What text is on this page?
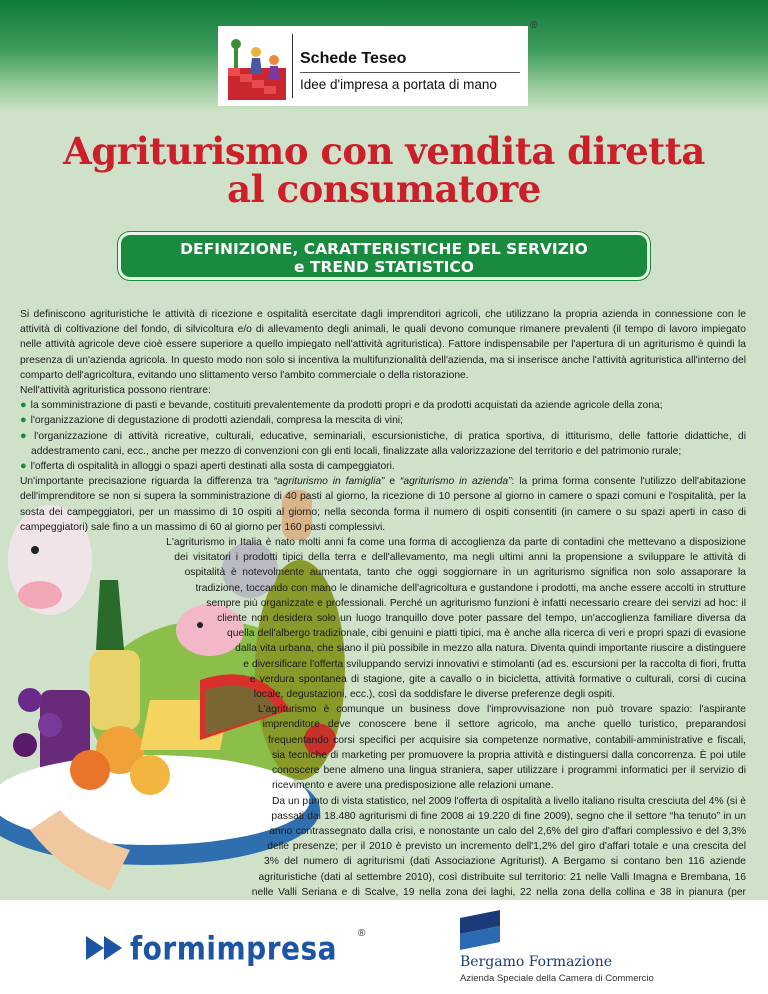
Schede Teseo
Idee d'impresa a portata di mano
®
Agriturismo con vendita diretta
al consumatore
DEFINIZIONE, CARATTERISTICHE DEL SERVIZIO
e TREND STATISTICO

Si definiscono agrituristiche le attività di ricezione e ospitalità esercitate dagli imprenditori agricoli, che utilizzano la propria azienda in connessione con le attività di coltivazione del fondo, di silvicoltura e/o di allevamento degli animali, le quali devono comunque rimanere prevalenti (il tempo di lavoro impiegato nelle attività agricole deve cioè essere superiore a quello impiegato nell'attività agrituristica). Fattore indispensabile per l'apertura di un agriturismo è quindi la presenza di un'azienda agricola. In questo modo non solo si incentiva la multifunzionalità dell'azienda, ma si inserisce anche l'attività agrituristica all'interno del comparto dell'agricoltura, evitando uno slittamento verso l'ambito commerciale o della ristorazione.

Nell'attività agrituristica possono rientrare:

● la somministrazione di pasti e bevande, costituiti prevalentemente da prodotti propri e da prodotti acquistati da aziende agricole della zona;
● l'organizzazione di degustazione di prodotti aziendali, compresa la mescita di vini;
● l'organizzazione di attività ricreative, culturali, educative, seminariali, escursionistiche, di pratica sportiva, di ittiturismo, delle fattorie didattiche, di addestramento cani, ecc., anche per mezzo di convenzioni con gli enti locali, finalizzate alla valorizzazione del territorio e del patrimonio rurale;
● l'offerta di ospitalità in alloggi o spazi aperti destinati alla sosta di campeggiatori.

Un'importante precisazione riguarda la differenza tra “agriturismo in famiglia” e “agriturismo in azienda”: la prima forma consente l'utilizzo dell'abitazione dell'imprenditore se non si supera la somministrazione di 40 pasti al giorno, la ricezione di 10 persone al giorno in camere o spazi comuni e l'ospitalità, per la sosta dei campeggiatori, per un massimo di 10 ospiti al giorno; nella seconda forma il numero di ospiti consentiti (in camere o su spazi aperti in caso di campeggiatori) sale fino a un massimo di 60 al giorno per 160 pasti complessivi.

L'agriturismo in Italia è nato molti anni fa come una forma di accoglienza da parte di contadini che mettevano a disposizione dei visitatori i prodotti tipici della terra e dell'allevamento, ma negli ultimi anni la propensione a sviluppare le attività di ospitalità è notevolmente aumentata, tanto che oggi soggiornare in un agriturismo significa non solo assaporare la tradizione, toccando con mano le dinamiche dell'agricoltura e gustandone i prodotti, ma anche essere accolti in strutture sempre più organizzate e professionali. Perché un agriturismo funzioni è infatti necessario creare dei servizi ad hoc: il cliente non desidera solo un luogo tranquillo dove poter passare del tempo, un'accoglienza familiare diversa da quella dell'albergo tradizionale, cibi genuini e piatti tipici, ma è anche alla ricerca di veri e propri spazi di evasione dalla vita urbana, che siano il più possibile in mezzo alla natura. Diventa quindi importante riuscire a distinguere e diversificare l'offerta sviluppando servizi innovativi e stimolanti (ad es. escursioni per la raccolta di fiori, frutta e verdura spontanea di stagione, gite a cavallo o in bicicletta, attività formative o culturali, corsi di cucina locale, degustazioni, ecc.), così da soddisfare le diverse preferenze degli ospiti.

L'agriturismo è comunque un business dove l'improvvisazione non può trovare spazio: l'aspirante imprenditore deve conoscere bene il settore agricolo, ma anche quello turistico, preparandosi frequentando corsi specifici per acquisire sia competenze normative, contabili-amministrative e fiscali, sia tecniche di marketing per promuovere la propria attività e distinguersi dalla concorrenza. È poi utile conoscere bene almeno una lingua straniera, saper utilizzare i programmi informatici per il servizio di ricevimento e avere una predisposizione alle relazioni umane.

Da un punto di vista statistico, nel 2009 l'offerta di ospitalità a livello italiano risulta cresciuta del 4% (si è passati dai 18.480 agriturismi di fine 2008 ai 19.220 di fine 2009), segno che il settore “ha tenuto” in un anno contrassegnato dalla crisi, e nonostante un calo del 2,6% del giro d'affari complessivo e del 3,3% delle presenze; per il 2010 è previsto un incremento dell'1,2% del giro d'affari totale e una crescita del 3% del numero di agriturismi (dati Associazione Agriturist). A Bergamo si contano ben 116 aziende agrituristiche (dati al settembre 2010), così distribuite sul territorio: 21 nelle Valli Imagna e Brembana, 16 nelle Valli Seriana e di Scalve, 19 nella zona dei laghi, 22 nella zona della collina e 38 in pianura (per

formimpresa ®
Bergamo Formazione
Azienda Speciale della Camera di Commercio
